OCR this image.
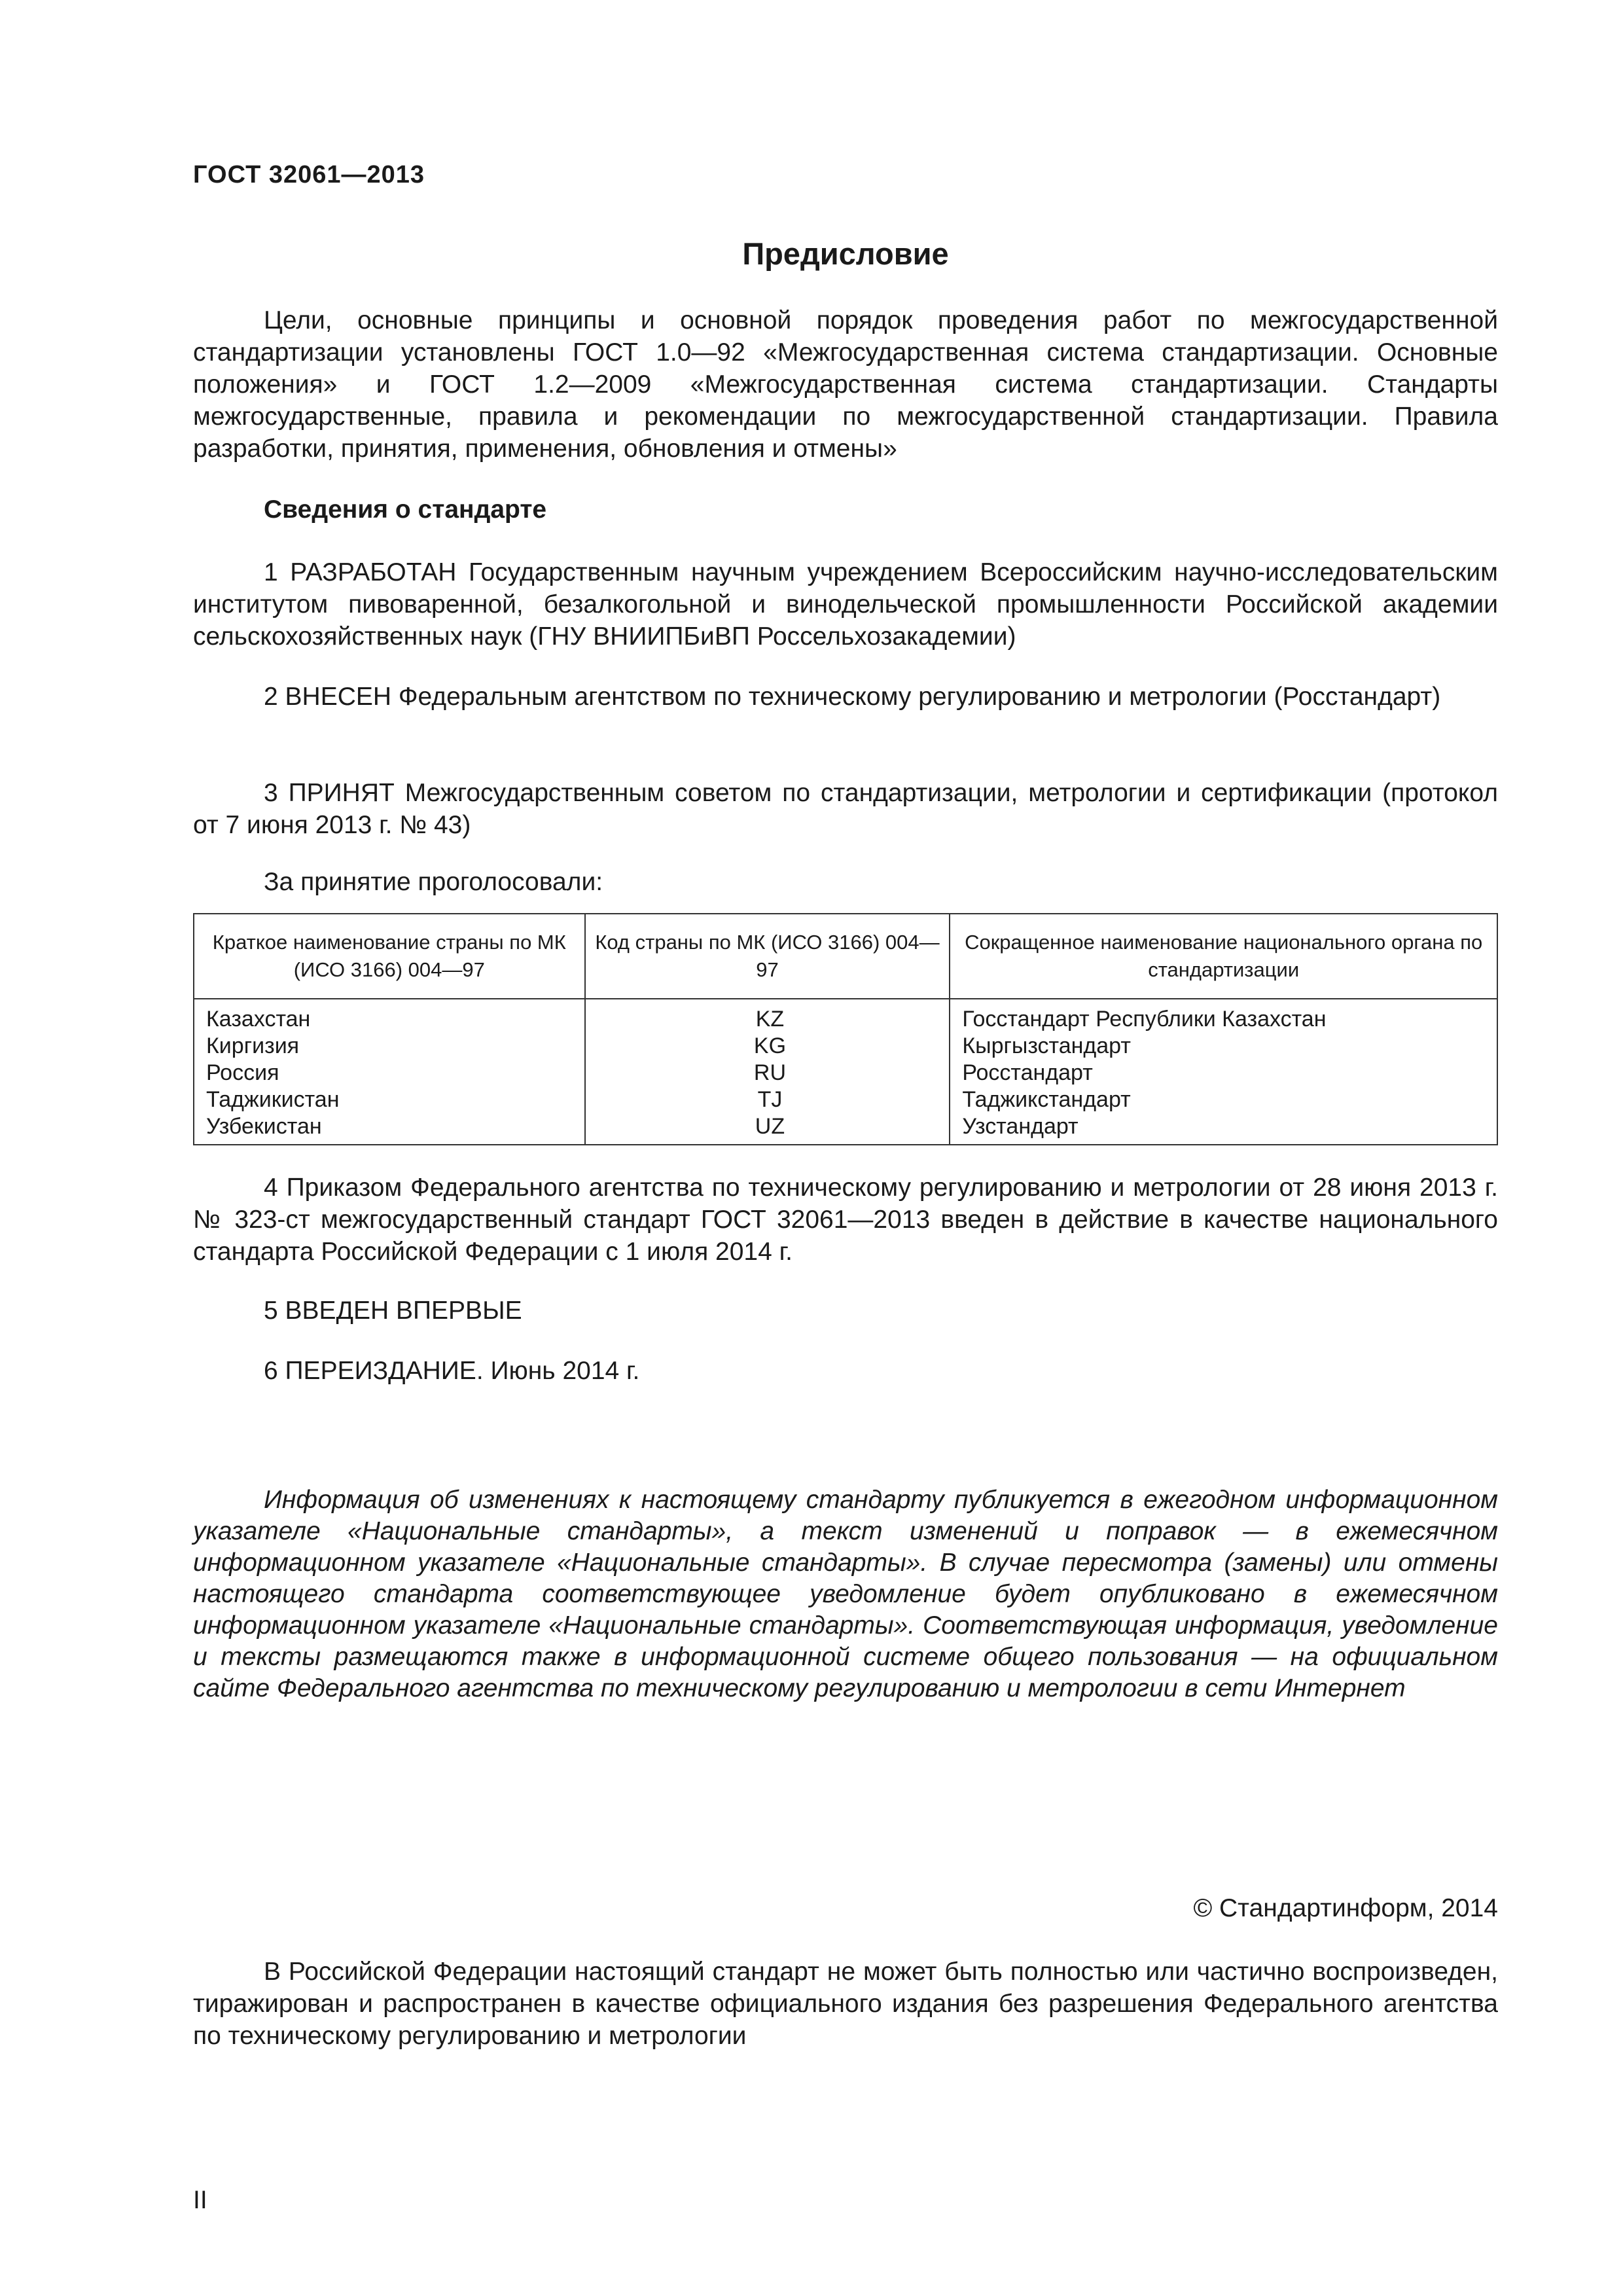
ГОСТ 32061—2013
Предисловие
Цели, основные принципы и основной порядок проведения работ по межгосударственной стандартизации установлены ГОСТ 1.0—92 «Межгосударственная система стандартизации. Основные положения» и ГОСТ 1.2—2009 «Межгосударственная система стандартизации. Стандарты межгосударственные, правила и рекомендации по межгосударственной стандартизации. Правила разработки, принятия, применения, обновления и отмены»
Сведения о стандарте
1 РАЗРАБОТАН Государственным научным учреждением Всероссийским научно-исследовательским институтом пивоваренной, безалкогольной и винодельческой промышленности Российской академии сельскохозяйственных наук (ГНУ ВНИИПБиВП Россельхозакадемии)
2 ВНЕСЕН Федеральным агентством по техническому регулированию и метрологии (Росстандарт)
3 ПРИНЯТ Межгосударственным советом по стандартизации, метрологии и сертификации (протокол от 7 июня 2013 г. № 43)
За принятие проголосовали:
Краткое наименование страны по МК (ИСО 3166) 004—97	Код страны по МК (ИСО 3166) 004—97	Сокращенное наименование национального органа по стандартизации
Казахстан	KZ	Госстандарт Республики Казахстан
Киргизия	KG	Кыргызстандарт
Россия	RU	Росстандарт
Таджикистан	TJ	Таджикстандарт
Узбекистан	UZ	Узстандарт
4 Приказом Федерального агентства по техническому регулированию и метрологии от 28 июня 2013 г. № 323-ст межгосударственный стандарт ГОСТ 32061—2013 введен в действие в качестве национального стандарта Российской Федерации с 1 июля 2014 г.
5 ВВЕДЕН ВПЕРВЫЕ
6 ПЕРЕИЗДАНИЕ. Июнь 2014 г.
Информация об изменениях к настоящему стандарту публикуется в ежегодном информационном указателе «Национальные стандарты», а текст изменений и поправок — в ежемесячном информационном указателе «Национальные стандарты». В случае пересмотра (замены) или отмены настоящего стандарта соответствующее уведомление будет опубликовано в ежемесячном информационном указателе «Национальные стандарты». Соответствующая информация, уведомление и тексты размещаются также в информационной системе общего пользования — на официальном сайте Федерального агентства по техническому регулированию и метрологии в сети Интернет
© Стандартинформ, 2014
В Российской Федерации настоящий стандарт не может быть полностью или частично воспроизведен, тиражирован и распространен в качестве официального издания без разрешения Федерального агентства по техническому регулированию и метрологии
II
